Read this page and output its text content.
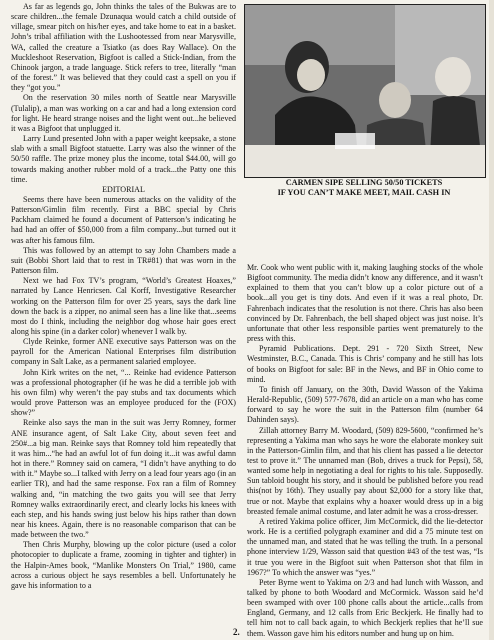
As far as legends go, John thinks the tales of the Bukwas are to scare children...the female Dzunaqua would catch a child outside of village, smear pitch on his/her eyes, and take home to eat in a basket. John’s tribal affiliation with the Lushootessed from near Marysville, WA, called the creature a Tsiatko (as does Ray Wallace). On the Muckleshoot Reservation, Bigfoot is called a Stick-Indian, from the Chinook jargon, a trade language. Stick refers to tree, literally “man of the forest.” It was believed that they could cast a spell on you if they “got you.”

On the reservation 30 miles north of Seattle near Marysville (Tulalip), a man was working on a car and had a long extension cord for light. He heard strange noises and the light went out...he believed it was a Bigfoot that unplugged it.

Larry Lund presented John with a paper weight keepsake, a stone slab with a small Bigfoot statuette. Larry was also the winner of the 50/50 raffle. The prize money plus the income, total $44.00, will go towards making another rubber mold of a track...the Patty one this time.

EDITORIAL

Seems there have been numerous attacks on the validity of the Patterson/Gimlin film recently. First a BBC special by Chris Packham claimed he found a document of Patterson’s indicating he had had an offer of $50,000 from a film company...but turned out it was after his famous film.

This was followed by an attempt to say John Chambers made a suit (Bobbi Short laid that to rest in TR#81) that was worn in the Patterson film.

Next we had Fox TV’s program, “World’s Greatest Hoaxes,” narrated by Lance Henricsen. Cal Korff, Investigative Researcher working on the Patterson film for over 25 years, says the dark line down the back is a zipper, no animal seen has a line like that...seems most do I think, including the neighbor dog whose hair goes erect along his spine (in a darker color) whenever I walk by.

Clyde Reinke, former ANE executive says Patterson was on the payroll for the American National Enterprises film distribution company in Salt Lake, as a permanent salaried employee.

John Kirk writes on the net, “... Reinke had evidence Patterson was a professional photographer (if he was he did a terrible job with his own film) why weren’t the pay stubs and tax documents which would prove Patterson was an employee produced for the (FOX) show?”

Reinke also says the man in the suit was Jerry Romney, former ANE insurance agent, of Salt Lake City, about seven feet and 250#...a big man. Reinke says that Romney told him repeatedly that it was him...“he had an awful lot of fun doing it...it was awful damn hot in there.” Romney said on camera, “I didn’t have anything to do with it.” Maybe so...I talked with Jerry on a lead four years ago (in an earlier TR), and had the same response. Fox ran a film of Romney walking and, “in matching the two gaits you will see that Jerry Romney walks extraordinarily erect, and clearly locks his knees with each step, and his hands swing just below his hips rather than down near his knees. Again, there is no reasonable comparison that can be made between the two.”

Then Chris Murphy, blowing up the color picture (used a color photocopier to duplicate a frame, zooming in tighter and tighter) in the Halpin-Ames book, “Manlike Monsters On Trial,” 1980, came across a curious object he says resembles a bell. Unfortunately he gave his information to a

CARMEN SIPE SELLING 50/50 TICKETS
IF YOU CAN’T MAKE MEET, MAIL CASH IN

Mr. Cook who went public with it, making laughing stocks of the whole Bigfoot community. The media didn’t know any difference, and it wasn’t explained to them that you can’t blow up a color picture out of a book...all you get is tiny dots. And even if it was a real photo, Dr. Fahrenbach indicates that the resolution is not there. Chris has also been convinced by Dr. Fahrenbach, the bell shaped object was just noise. It’s unfortunate that other less responsible parties went prematurely to the press with this.

Pyramid Publications. Dept. 291 - 720 Sixth Street, New Westminster, B.C., Canada. This is Chris’ company and he still has lots of books on Bigfoot for sale: BF in the News, and BF in Ohio come to mind.

To finish off January, on the 30th, David Wasson of the Yakima Herald-Republic, (509) 577-7678, did an article on a man who has come forward to say he wore the suit in the Patterson film (number 64 Dahinden says).

Zillah attorney Barry M. Woodard, (509) 829-5600, “confirmed he’s representing a Yakima man who says he wore the elaborate monkey suit in the Patterson-Gimlin film, and that his client has passed a lie detector test to prove it.” The unnamed man (Bob, drives a truck for Pepsi), 58, wanted some help in negotiating a deal for rights to his tale. Supposedly. Sun tabloid bought his story, and it should be published before you read this(not by 16th). They usually pay about $2,000 for a story like that, true or not. Maybe that explains why a hoaxer would dress up in a big breasted female animal costume, and later admit he was a cross-dresser.

A retired Yakima police officer, Jim McCormick, did the lie-detector work. He is a certified polygraph examiner and did a 75 minute test on the unnamed man, and stated that he was telling the truth. In a personal phone interview 1/29, Wasson said that question #43 of the test was, “Is it true you were in the Bigfoot suit when Patterson shot that film in 1967?” To which the answer was “yes.”

Peter Byrne went to Yakima on 2/3 and had lunch with Wasson, and talked by phone to both Woodard and McCormick. Wasson said he’d been swamped with over 100 phone calls about the article...calls from England, Germany, and 12 calls from Eric Beckjerk. He finally had to tell him not to call back again, to which Beckjerk replies that he’ll sue them. Wasson gave him his editors number and hung up on him.

2.
